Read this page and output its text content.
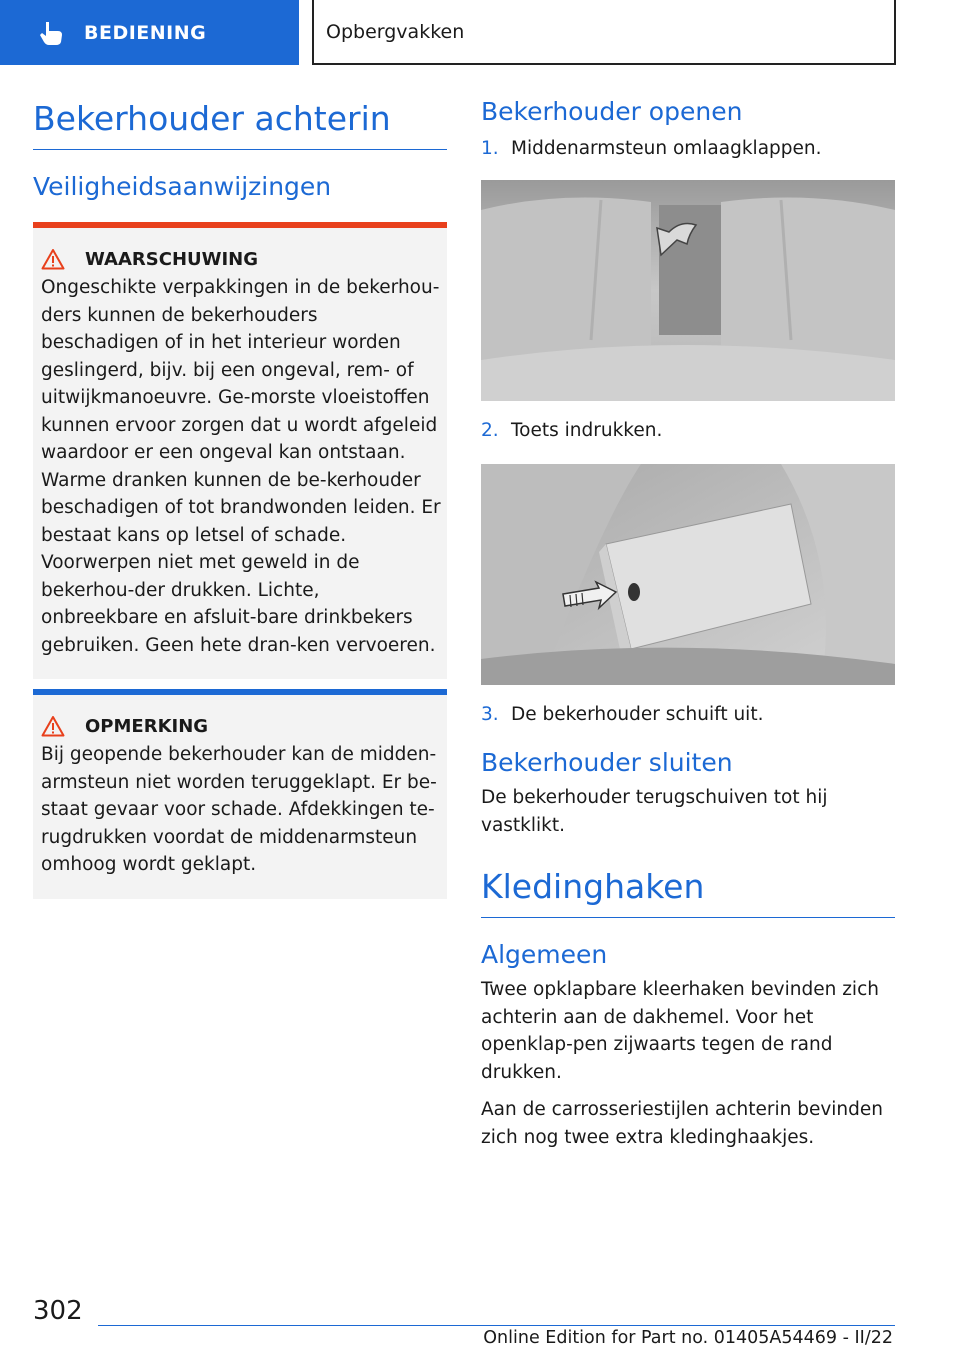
BEDIENING	Opbergvakken
Bekerhouder achterin
Veiligheidsaanwijzingen
WAARSCHUWING

Ongeschikte verpakkingen in de bekerhou-ders kunnen de bekerhouders beschadigen of in het interieur worden geslingerd, bijv. bij een ongeval, rem- of uitwijkmanoeuvre. Ge-morste vloeistoffen kunnen ervoor zorgen dat u wordt afgeleid waardoor er een ongeval kan ontstaan. Warme dranken kunnen de be-kerhouder beschadigen of tot brandwonden leiden. Er bestaat kans op letsel of schade. Voorwerpen niet met geweld in de bekerhou-der drukken. Lichte, onbreekbare en afsluit-bare drinkbekers gebruiken. Geen hete dran-ken vervoeren.

OPMERKING

Bij geopende bekerhouder kan de midden-armsteun niet worden teruggeklapt. Er be-staat gevaar voor schade. Afdekkingen te-rugdrukken voordat de middenarmsteun omhoog wordt geklapt.

Bekerhouder openen
1. Middenarmsteun omlaagklappen.
2. Toets indrukken.
3. De bekerhouder schuift uit.
Bekerhouder sluiten
De bekerhouder terugschuiven tot hij vastklikt.
Kledinghaken
Algemeen
Twee opklapbare kleerhaken bevinden zich achterin aan de dakhemel. Voor het openklap-pen zijwaarts tegen de rand drukken.
Aan de carrosseriestijlen achterin bevinden zich nog twee extra kledinghaakjes.
302
Online Edition for Part no. 01405A54469 - II/22
